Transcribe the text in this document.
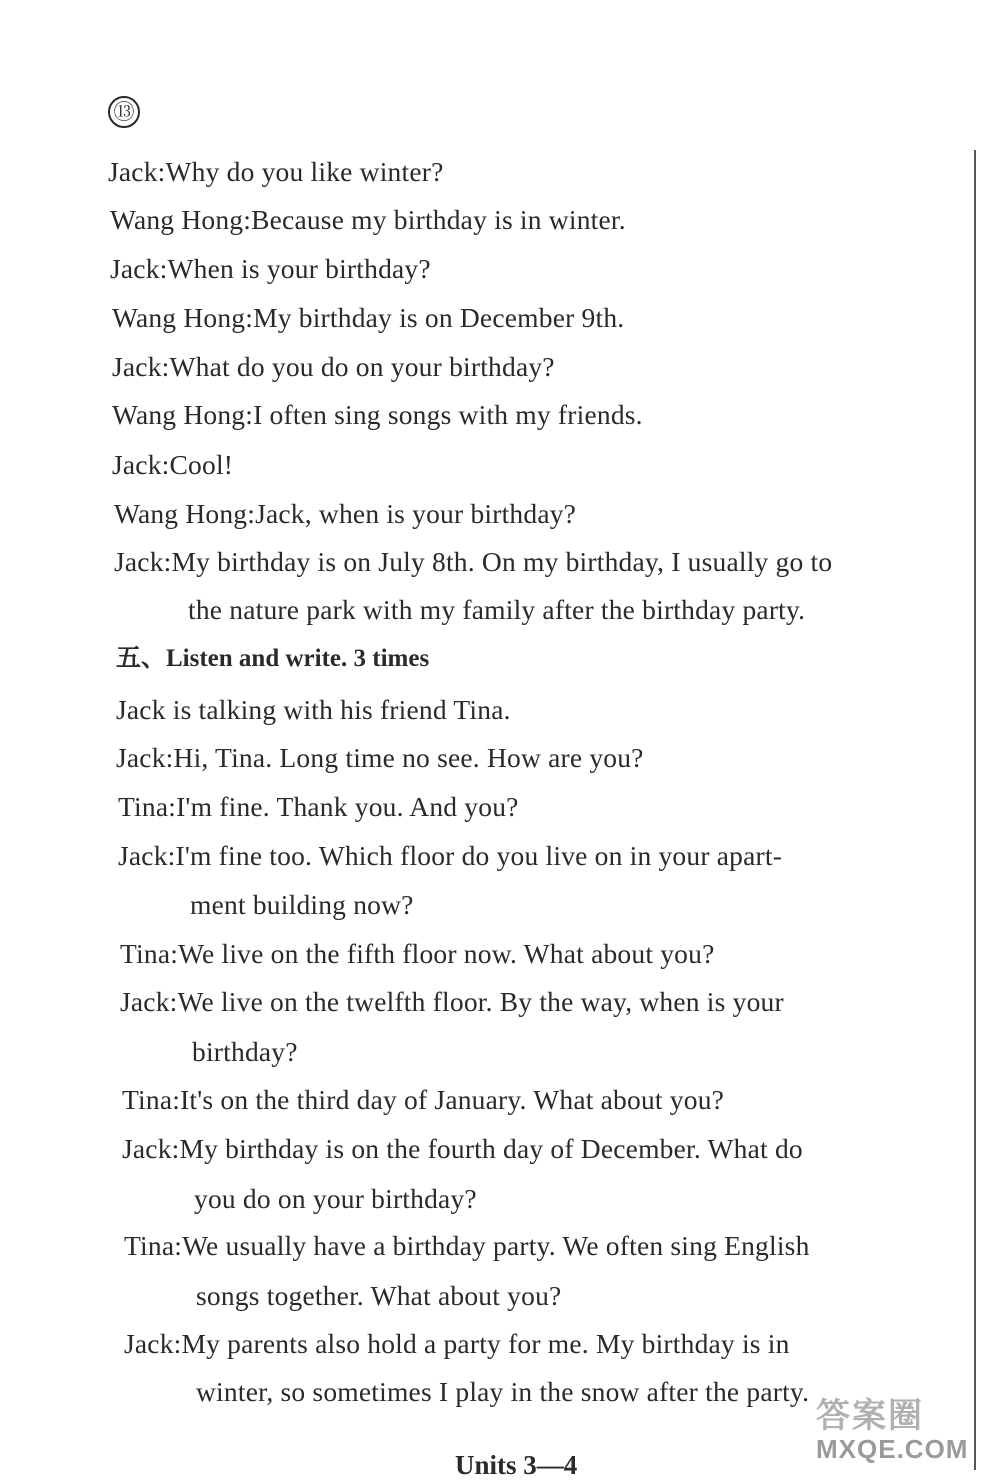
⑬
Jack:Why do you like winter?
Wang Hong:Because my birthday is in winter.
Jack:When is your birthday?
Wang Hong:My birthday is on December 9th.
Jack:What do you do on your birthday?
Wang Hong:I often sing songs with my friends.
Jack:Cool!
Wang Hong:Jack, when is your birthday?
Jack:My birthday is on July 8th. On my birthday, I usually go to
the nature park with my family after the birthday party.
五、Listen and write. 3 times
Jack is talking with his friend Tina.
Jack:Hi, Tina. Long time no see. How are you?
Tina:I'm fine. Thank you. And you?
Jack:I'm fine too. Which floor do you live on in your apart-
ment building now?
Tina:We live on the fifth floor now. What about you?
Jack:We live on the twelfth floor. By the way, when is your
birthday?
Tina:It's on the third day of January. What about you?
Jack:My birthday is on the fourth day of December. What do
you do on your birthday?
Tina:We usually have a birthday party. We often sing English
songs together. What about you?
Jack:My parents also hold a party for me. My birthday is in
winter, so sometimes I play in the snow after the party.
Units 3—4
答案圈
MXQE.COM
